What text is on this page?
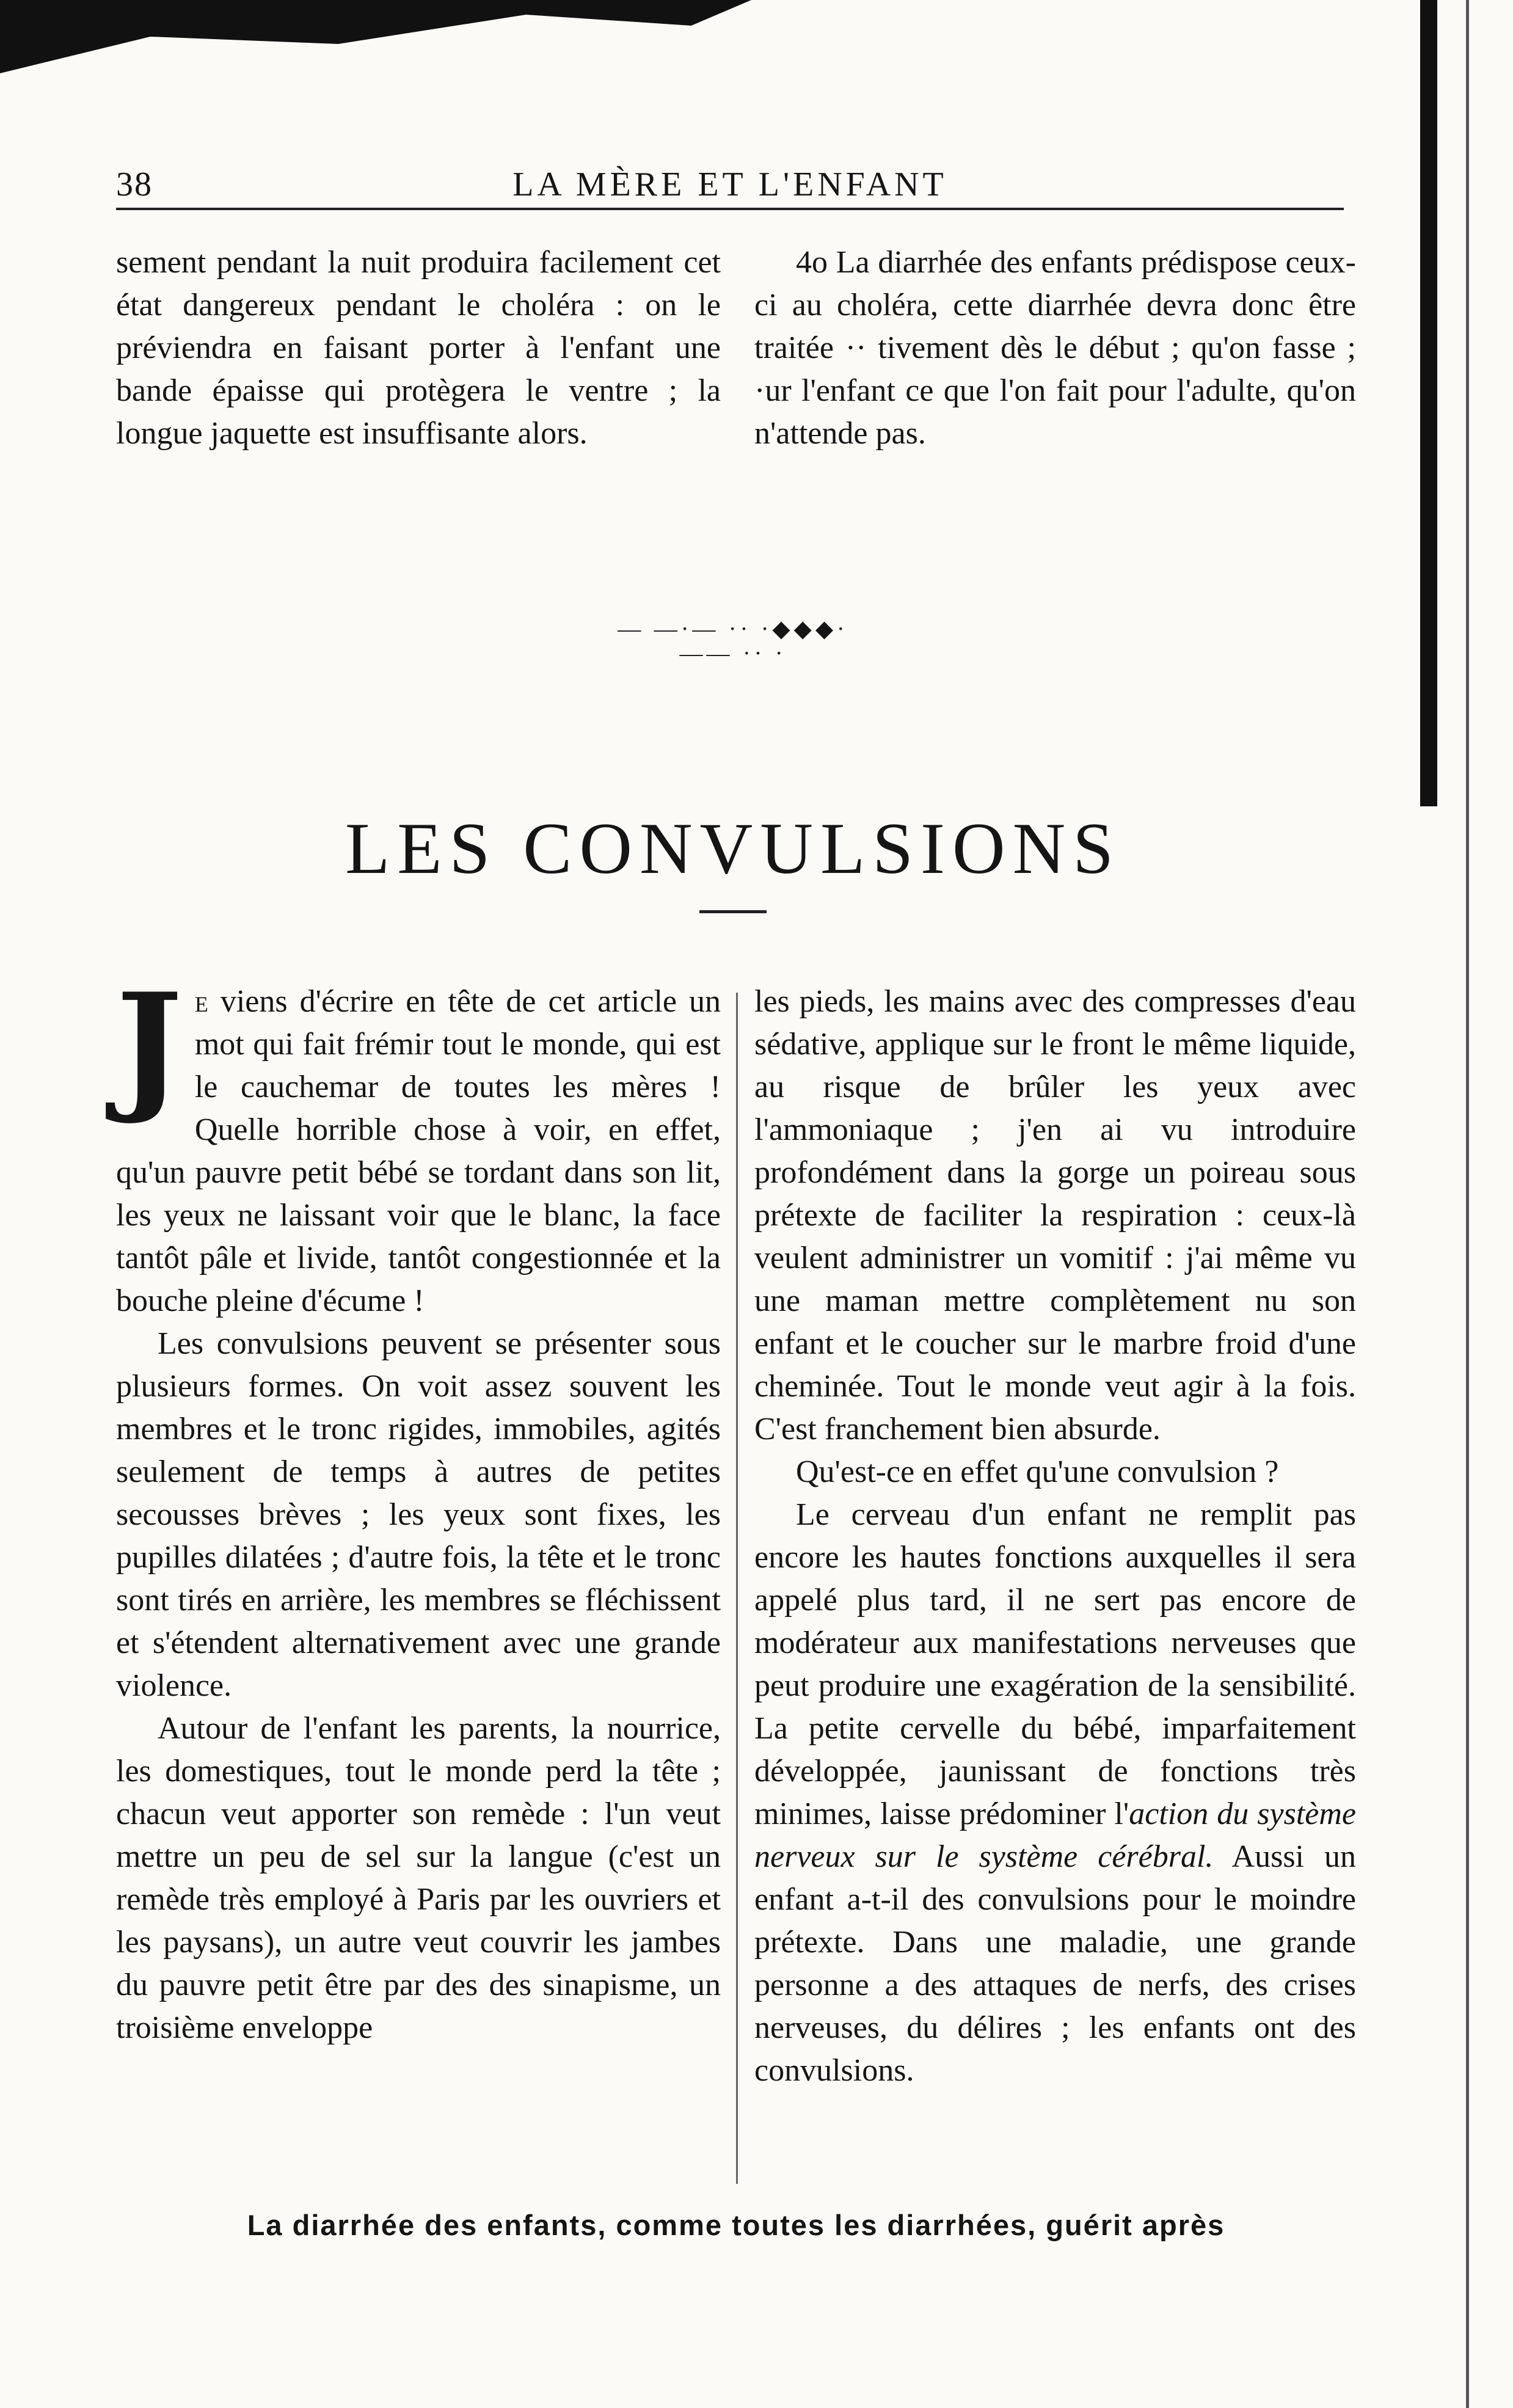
38	LA MÈRE ET L'ENFANT

sement pendant la nuit produira facilement cet état dangereux pendant le choléra : on le préviendra en faisant porter à l'enfant une bande épaisse qui protègera le ventre ; la longue jaquette est insuffisante alors.

4o La diarrhée des enfants prédispose ceux-ci au choléra, cette diarrhée devra donc être traitée ·· tivement dès le début ; qu'on fasse ; ·ur l'enfant ce que l'on fait pour l'adulte, qu'on n'attende pas.

— —·— ·· ·◆◆◆·—— ·· ·
LES CONVULSIONS

Je viens d'écrire en tête de cet article un mot qui fait frémir tout le monde, qui est le cauchemar de toutes les mères ! Quelle horrible chose à voir, en effet, qu'un pauvre petit bébé se tordant dans son lit, les yeux ne laissant voir que le blanc, la face tantôt pâle et livide, tantôt congestionnée et la bouche pleine d'écume !

Les convulsions peuvent se présenter sous plusieurs formes. On voit assez souvent les membres et le tronc rigides, immobiles, agités seulement de temps à autres de petites secousses brèves ; les yeux sont fixes, les pupilles dilatées ; d'autre fois, la tête et le tronc sont tirés en arrière, les membres se fléchissent et s'étendent alternativement avec une grande violence.

Autour de l'enfant les parents, la nourrice, les domestiques, tout le monde perd la tête ; chacun veut apporter son remède : l'un veut mettre un peu de sel sur la langue (c'est un remède très employé à Paris par les ouvriers et les paysans), un autre veut couvrir les jambes du pauvre petit être par des des sinapisme, un troisième enveloppe

les pieds, les mains avec des compresses d'eau sédative, applique sur le front le même liquide, au risque de brûler les yeux avec l'ammoniaque ; j'en ai vu introduire profondément dans la gorge un poireau sous prétexte de faciliter la respiration : ceux-là veulent administrer un vomitif : j'ai même vu une maman mettre complètement nu son enfant et le coucher sur le marbre froid d'une cheminée. Tout le monde veut agir à la fois. C'est franchement bien absurde.

Qu'est-ce en effet qu'une convulsion ?

Le cerveau d'un enfant ne remplit pas encore les hautes fonctions auxquelles il sera appelé plus tard, il ne sert pas encore de modérateur aux manifestations nerveuses que peut produire une exagération de la sensibilité. La petite cervelle du bébé, imparfaitement développée, jaunissant de fonctions très minimes, laisse prédominer l'action du système nerveux sur le système cérébral. Aussi un enfant a-t-il des convulsions pour le moindre prétexte. Dans une maladie, une grande personne a des attaques de nerfs, des crises nerveuses, du délires ; les enfants ont des convulsions.

La diarrhée des enfants, comme toutes les diarrhées, guérit après
